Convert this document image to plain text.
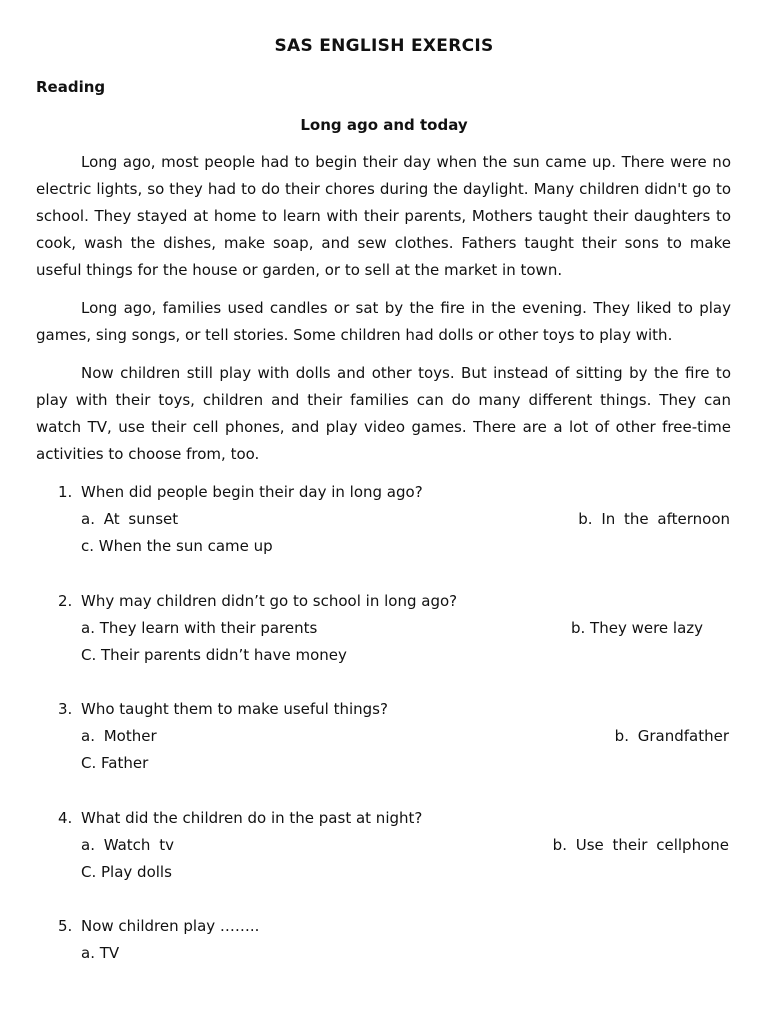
SAS ENGLISH EXERCIS
Reading
Long ago and today

Long ago, most people had to begin their day when the sun came up. There were no electric lights, so they had to do their chores during the daylight. Many children didn't go to school. They stayed at home to learn with their parents, Mothers taught their daughters to cook, wash the dishes, make soap, and sew clothes. Fathers taught their sons to make useful things for the house or garden, or to sell at the market in town.

Long ago, families used candles or sat by the fire in the evening. They liked to play games, sing songs, or tell stories. Some children had dolls or other toys to play with.

Now children still play with dolls and other toys. But instead of sitting by the fire to play with their toys, children and their families can do many different things. They can watch TV, use their cell phones, and play video games. There are a lot of other free-time activities to choose from, too.

1. When did people begin their day in long ago?
a. At sunset	b. In the afternoon
c. When the sun came up
2. Why may children didn’t go to school in long ago?
a. They learn with their parents	b. They were lazy
C. Their parents didn’t have money
3. Who taught them to make useful things?
a. Mother	b. Grandfather
C. Father
4. What did the children do in the past at night?
a. Watch tv	b. Use their cellphone
C. Play dolls
5. Now children play ……..
a. TV
